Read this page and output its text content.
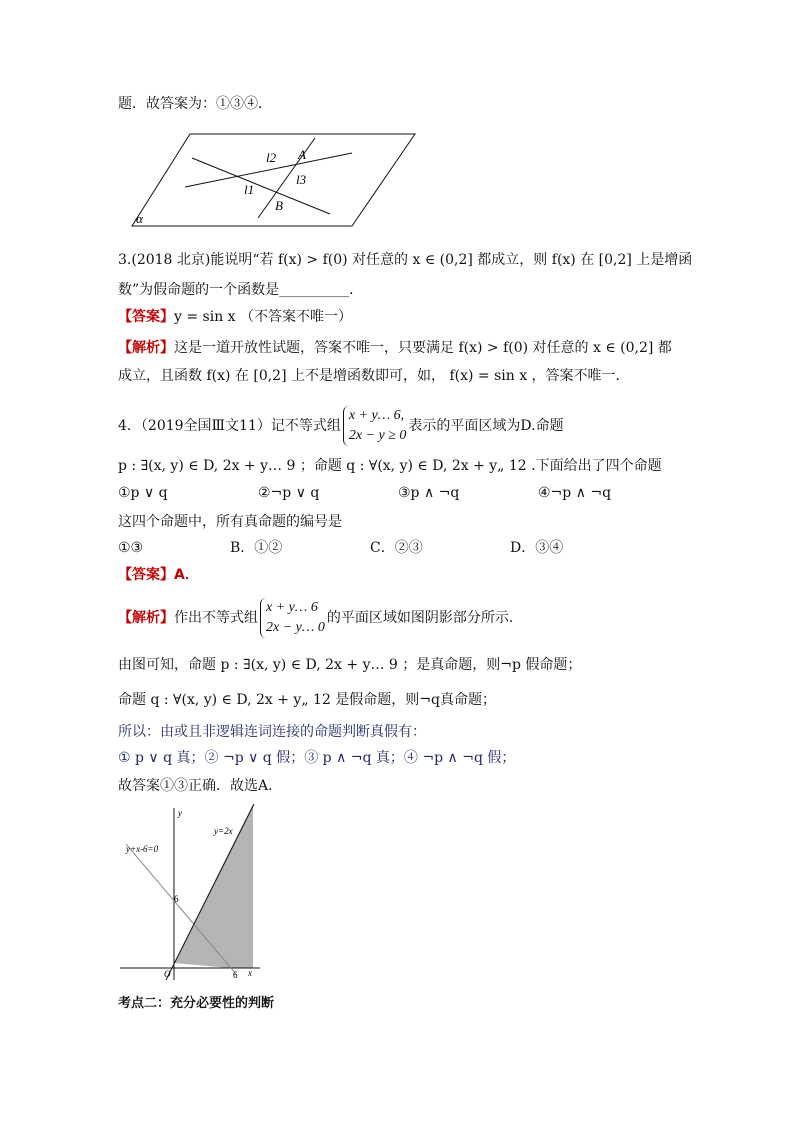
题．故答案为：①③④．
l2 A
l3
l1
B
α
3.(2018 北京)能说明“若 f(x) > f(0) 对任意的 x ∈ (0,2] 都成立，则 f(x) 在 [0,2] 上是增函
数”为假命题的一个函数是__________．
【答案】y = sin x （不答案不唯一）
【解析】这是一道开放性试题，答案不唯一，只要满足 f(x) > f(0) 对任意的 x ∈ (0,2] 都
成立，且函数 f(x) 在 [0,2] 上不是增函数即可，如， f(x) = sin x ，答案不唯一．
4．（2019全国Ⅲ文11）记不等式组
x + y… 6,
2x − y ≥ 0
表示的平面区域为D.命题
p : ∃(x, y) ∈ D, 2x + y… 9 ；命题 q : ∀(x, y) ∈ D, 2x + y„ 12 .下面给出了四个命题
①p ∨ q	②¬p ∨ q	③p ∧ ¬q	④¬p ∧ ¬q
这四个命题中，所有真命题的编号是
①③	B．①②	C．②③	D．③④
【答案】A．
【解析】作出不等式组
x + y… 6
2x − y… 0
的平面区域如图阴影部分所示.
由图可知，命题 p : ∃(x, y) ∈ D, 2x + y… 9 ；是真命题，则¬p 假命题；
命题 q : ∀(x, y) ∈ D, 2x + y„ 12 是假命题，则¬q真命题；
所以：由或且非逻辑连词连接的命题判断真假有：
① p ∨ q 真；② ¬p ∨ q 假；③ p ∧ ¬q 真；④ ¬p ∧ ¬q 假；
故答案①③正确．故选A．
y
x
O
6
6
y+x-6=0
y=2x
考点二：充分必要性的判断
